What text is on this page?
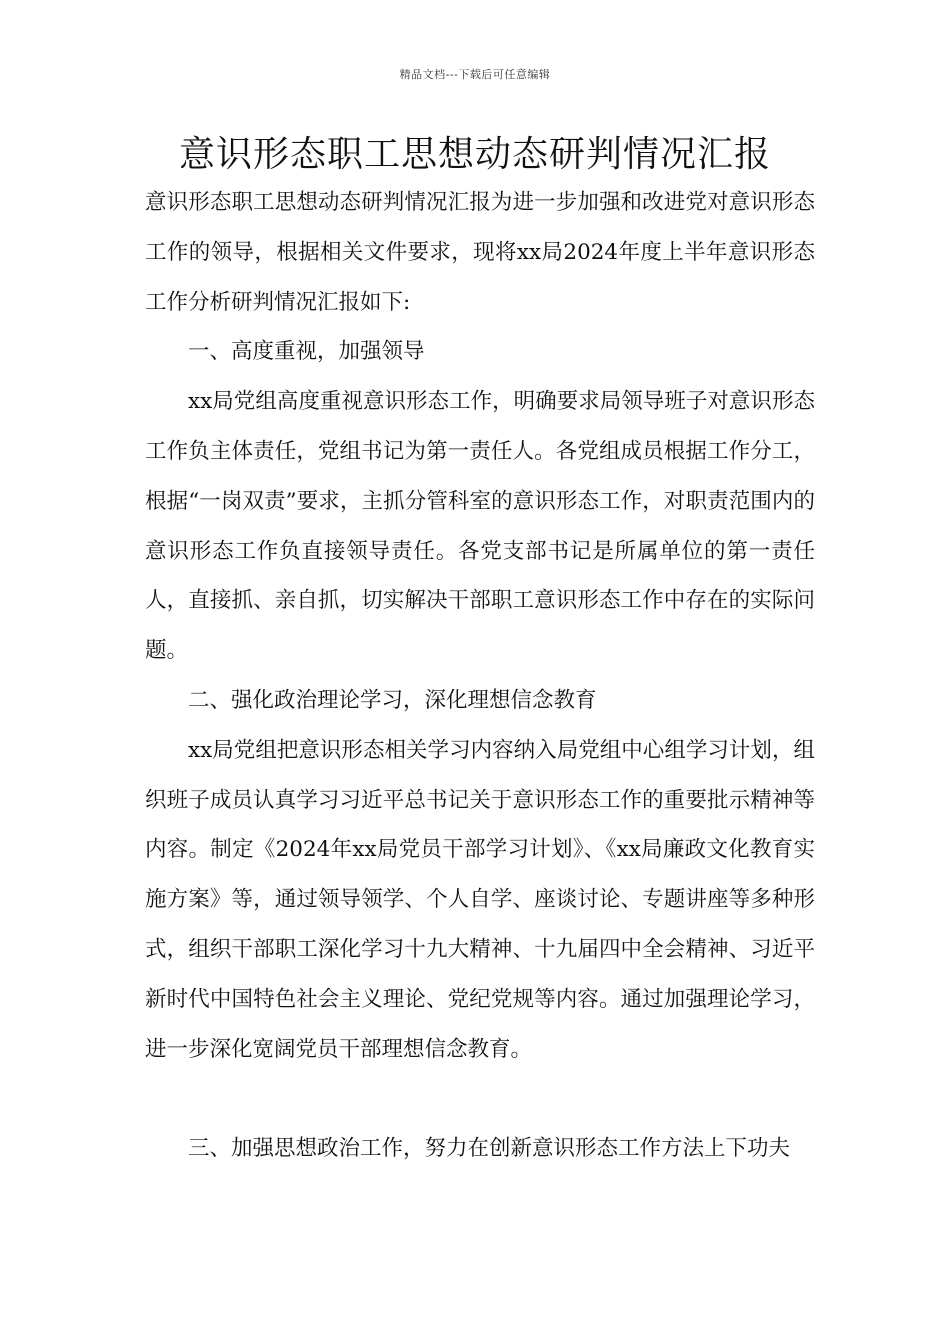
精品文档---下载后可任意编辑
意识形态职工思想动态研判情况汇报

意识形态职工思想动态研判情况汇报为进一步加强和改进党对意识形态工作的领导，根据相关文件要求，现将xx局2024年度上半年意识形态工作分析研判情况汇报如下:

一、高度重视，加强领导

xx局党组高度重视意识形态工作，明确要求局领导班子对意识形态工作负主体责任，党组书记为第一责任人。各党组成员根据工作分工，根据“一岗双责”要求，主抓分管科室的意识形态工作，对职责范围内的意识形态工作负直接领导责任。各党支部书记是所属单位的第一责任人，直接抓、亲自抓，切实解决干部职工意识形态工作中存在的实际问题。

二、强化政治理论学习，深化理想信念教育

xx局党组把意识形态相关学习内容纳入局党组中心组学习计划，组织班子成员认真学习习近平总书记关于意识形态工作的重要批示精神等内容。制定《2024年xx局党员干部学习计划》、《xx局廉政文化教育实施方案》等，通过领导领学、个人自学、座谈讨论、专题讲座等多种形式，组织干部职工深化学习十九大精神、十九届四中全会精神、习近平新时代中国特色社会主义理论、党纪党规等内容。通过加强理论学习，进一步深化宽阔党员干部理想信念教育。

三、加强思想政治工作，努力在创新意识形态工作方法上下功夫
